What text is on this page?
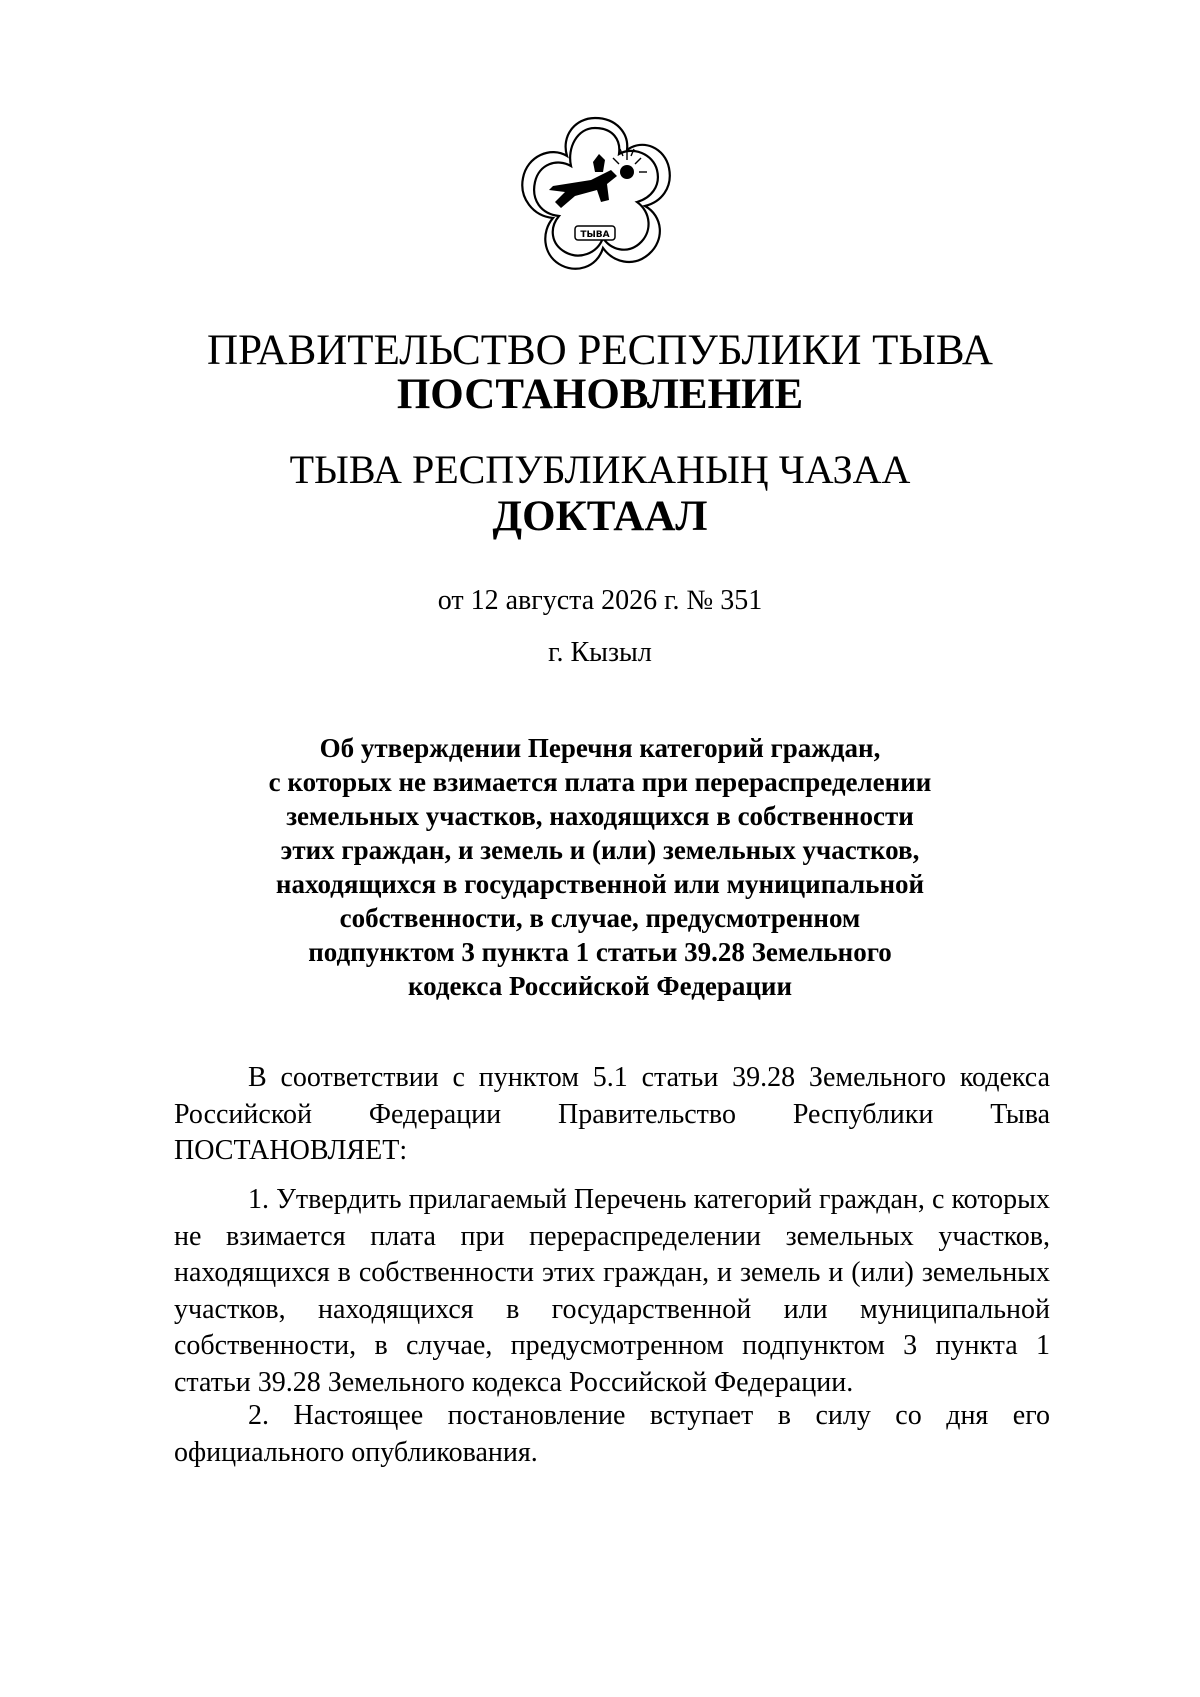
ТЫВА
ПРАВИТЕЛЬСТВО РЕСПУБЛИКИ ТЫВА
ПОСТАНОВЛЕНИЕ
ТЫВА РЕСПУБЛИКАНЫҢ ЧАЗАА
ДОКТААЛ
от 12 августа 2026 г. № 351
г. Кызыл
Об утверждении Перечня категорий граждан,
с которых не взимается плата при перераспределении
земельных участков, находящихся в собственности
этих граждан, и земель и (или) земельных участков,
находящихся в государственной или муниципальной
собственности, в случае, предусмотренном
подпунктом 3 пункта 1 статьи 39.28 Земельного
кодекса Российской Федерации
В соответствии с пунктом 5.1 статьи 39.28 Земельного кодекса Российской Федерации Правительство Республики Тыва ПОСТАНОВЛЯЕТ:
1. Утвердить прилагаемый Перечень категорий граждан, с которых не взимается плата при перераспределении земельных участков, находящихся в собственности этих граждан, и земель и (или) земельных участков, находящихся в государственной или муниципальной собственности, в случае, предусмотренном подпунктом 3 пункта 1 статьи 39.28 Земельного кодекса Российской Федерации.
2. Настоящее постановление вступает в силу со дня его официального опубликования.
